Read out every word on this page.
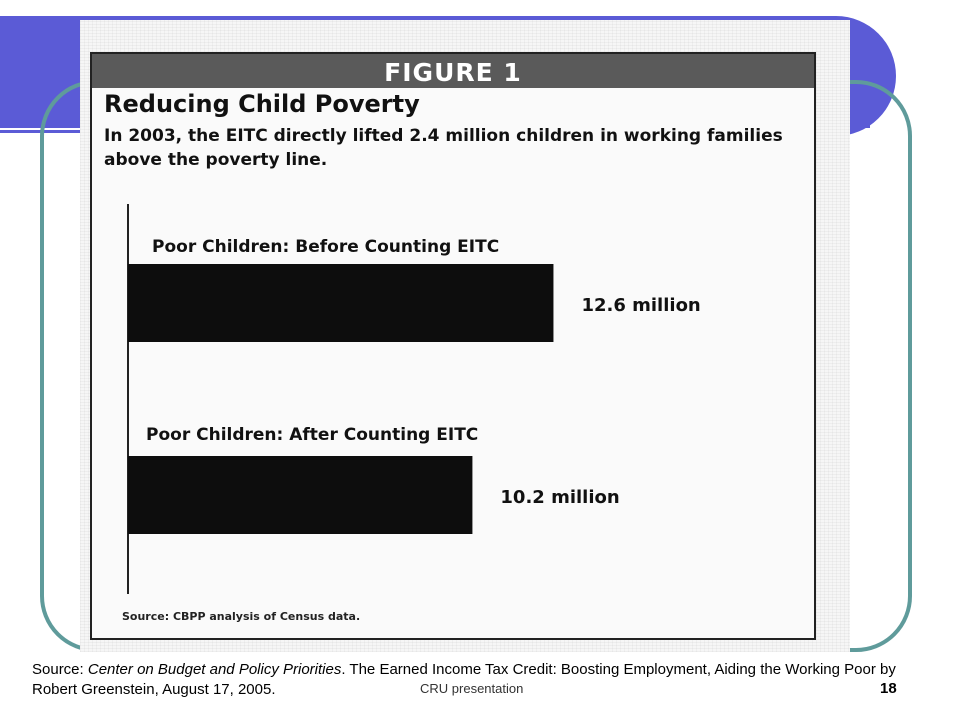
FIGURE 1
Reducing Child Poverty
In 2003, the EITC directly lifted 2.4 million children in working families above the poverty line.
Poor Children: Before Counting EITC
12.6 million
Poor Children: After Counting EITC
10.2 million
Source: CBPP analysis of Census data.
Source: Center on Budget and Policy Priorities. The Earned Income Tax Credit: Boosting Employment, Aiding the Working Poor by Robert Greenstein, August 17, 2005.	CRU presentation	18
